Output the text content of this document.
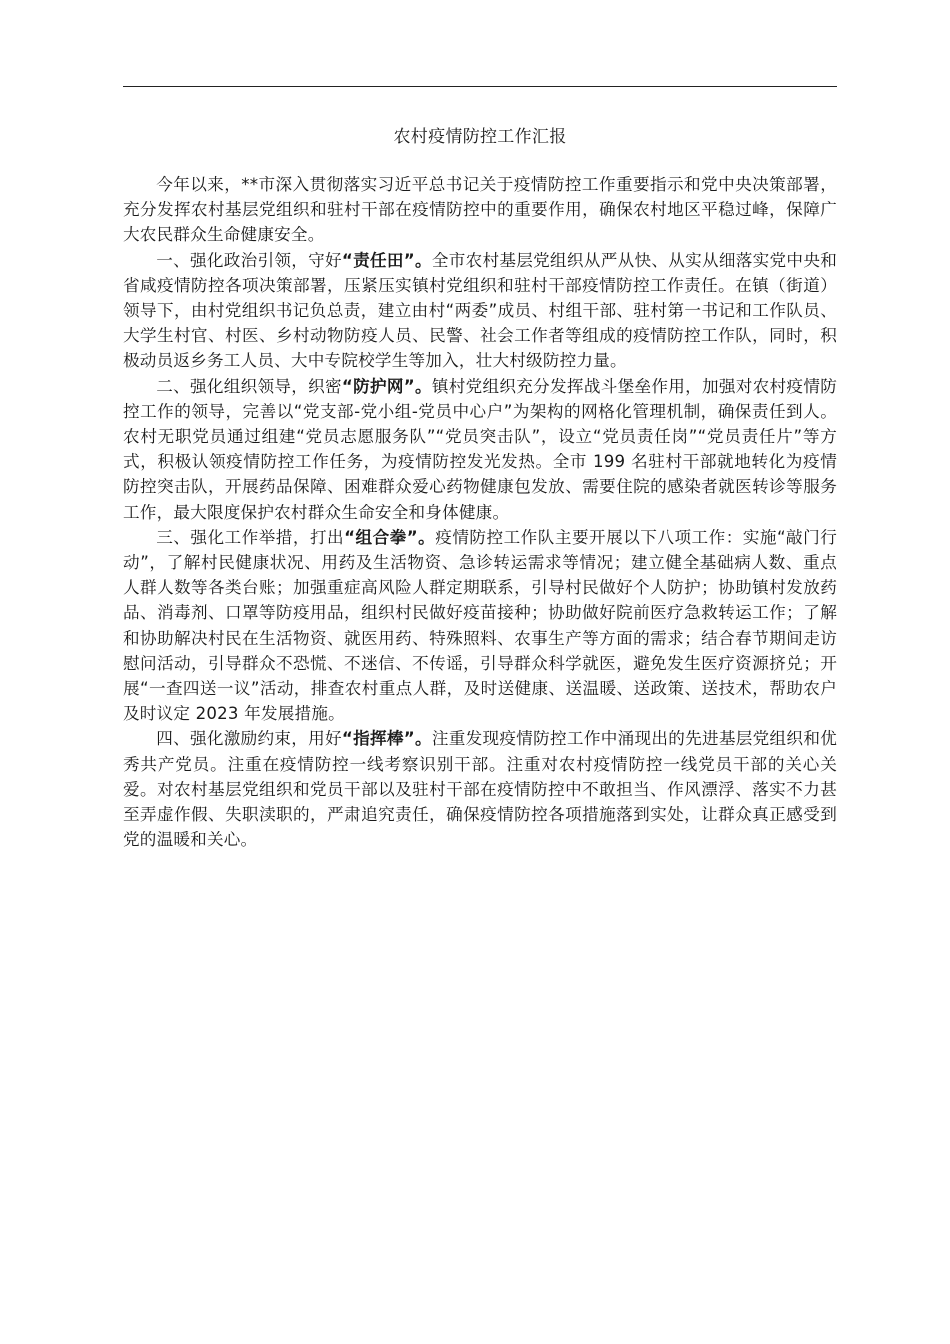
农村疫情防控工作汇报

今年以来，**市深入贯彻落实习近平总书记关于疫情防控工作重要指示和党中央决策部署，充分发挥农村基层党组织和驻村干部在疫情防控中的重要作用，确保农村地区平稳过峰，保障广大农民群众生命健康安全。

一、强化政治引领，守好“责任田”。全市农村基层党组织从严从快、从实从细落实党中央和省咸疫情防控各项决策部署，压紧压实镇村党组织和驻村干部疫情防控工作责任。在镇（街道）领导下，由村党组织书记负总责，建立由村“两委”成员、村组干部、驻村第一书记和工作队员、大学生村官、村医、乡村动物防疫人员、民警、社会工作者等组成的疫情防控工作队，同时，积极动员返乡务工人员、大中专院校学生等加入，壮大村级防控力量。

二、强化组织领导，织密“防护网”。镇村党组织充分发挥战斗堡垒作用，加强对农村疫情防控工作的领导，完善以“党支部-党小组-党员中心户”为架构的网格化管理机制，确保责任到人。农村无职党员通过组建“党员志愿服务队”“党员突击队”，设立“党员责任岗”“党员责任片”等方式，积极认领疫情防控工作任务，为疫情防控发光发热。全市 199 名驻村干部就地转化为疫情防控突击队，开展药品保障、困难群众爱心药物健康包发放、需要住院的感染者就医转诊等服务工作，最大限度保护农村群众生命安全和身体健康。

三、强化工作举措，打出“组合拳”。疫情防控工作队主要开展以下八项工作：实施“敲门行动”，了解村民健康状况、用药及生活物资、急诊转运需求等情况；建立健全基础病人数、重点人群人数等各类台账；加强重症高风险人群定期联系，引导村民做好个人防护；协助镇村发放药品、消毒剂、口罩等防疫用品，组织村民做好疫苗接种；协助做好院前医疗急救转运工作；了解和协助解决村民在生活物资、就医用药、特殊照料、农事生产等方面的需求；结合春节期间走访慰问活动，引导群众不恐慌、不迷信、不传谣，引导群众科学就医，避免发生医疗资源挤兑；开展“一查四送一议”活动，排查农村重点人群，及时送健康、送温暖、送政策、送技术，帮助农户及时议定 2023 年发展措施。

四、强化激励约束，用好“指挥棒”。注重发现疫情防控工作中涌现出的先进基层党组织和优秀共产党员。注重在疫情防控一线考察识别干部。注重对农村疫情防控一线党员干部的关心关爱。对农村基层党组织和党员干部以及驻村干部在疫情防控中不敢担当、作风漂浮、落实不力甚至弄虚作假、失职渎职的，严肃追究责任，确保疫情防控各项措施落到实处，让群众真正感受到党的温暖和关心。
